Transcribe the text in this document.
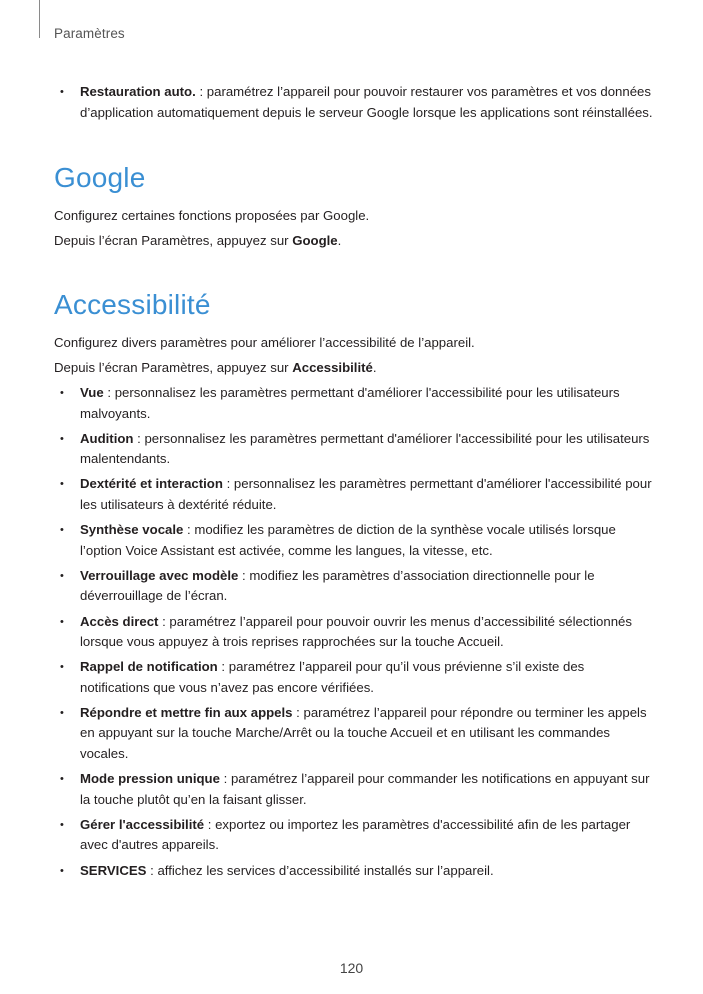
Paramètres
• Restauration auto. : paramétrez l’appareil pour pouvoir restaurer vos paramètres et vos données d’application automatiquement depuis le serveur Google lorsque les applications sont réinstallées.
Google

Configurez certaines fonctions proposées par Google.

Depuis l’écran Paramètres, appuyez sur Google.

Accessibilité

Configurez divers paramètres pour améliorer l’accessibilité de l’appareil.

Depuis l’écran Paramètres, appuyez sur Accessibilité.

• Vue : personnalisez les paramètres permettant d'améliorer l'accessibilité pour les utilisateurs malvoyants.
• Audition : personnalisez les paramètres permettant d'améliorer l'accessibilité pour les utilisateurs malentendants.
• Dextérité et interaction : personnalisez les paramètres permettant d'améliorer l'accessibilité pour les utilisateurs à dextérité réduite.
• Synthèse vocale : modifiez les paramètres de diction de la synthèse vocale utilisés lorsque l’option Voice Assistant est activée, comme les langues, la vitesse, etc.
• Verrouillage avec modèle : modifiez les paramètres d’association directionnelle pour le déverrouillage de l’écran.
• Accès direct : paramétrez l’appareil pour pouvoir ouvrir les menus d’accessibilité sélectionnés lorsque vous appuyez à trois reprises rapprochées sur la touche Accueil.
• Rappel de notification : paramétrez l’appareil pour qu’il vous prévienne s’il existe des notifications que vous n’avez pas encore vérifiées.
• Répondre et mettre fin aux appels : paramétrez l’appareil pour répondre ou terminer les appels en appuyant sur la touche Marche/Arrêt ou la touche Accueil et en utilisant les commandes vocales.
• Mode pression unique : paramétrez l’appareil pour commander les notifications en appuyant sur la touche plutôt qu’en la faisant glisser.
• Gérer l'accessibilité : exportez ou importez les paramètres d'accessibilité afin de les partager avec d'autres appareils.
• SERVICES : affichez les services d’accessibilité installés sur l’appareil.
120
